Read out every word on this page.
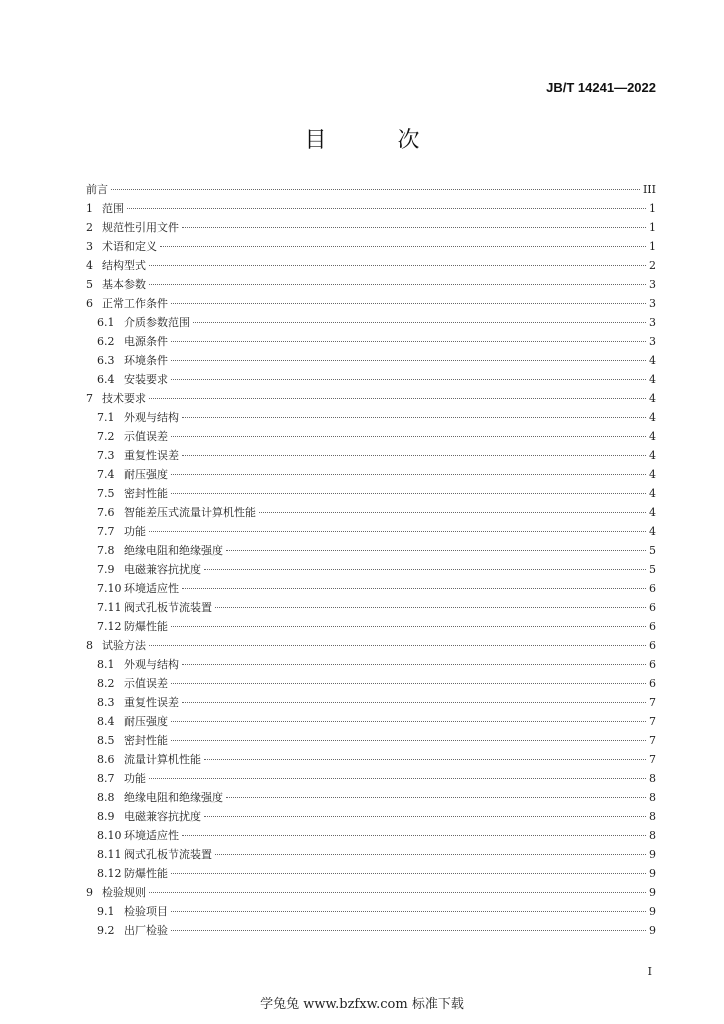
JB/T 14241—2022
目 次
前言	III
1 范围	1
2 规范性引用文件	1
3 术语和定义	1
4 结构型式	2
5 基本参数	3
6 正常工作条件	3
6.1 介质参数范围	3
6.2 电源条件	3
6.3 环境条件	4
6.4 安装要求	4
7 技术要求	4
7.1 外观与结构	4
7.2 示值误差	4
7.3 重复性误差	4
7.4 耐压强度	4
7.5 密封性能	4
7.6 智能差压式流量计算机性能	4
7.7 功能	4
7.8 绝缘电阻和绝缘强度	5
7.9 电磁兼容抗扰度	5
7.10 环境适应性	6
7.11 阀式孔板节流装置	6
7.12 防爆性能	6
8 试验方法	6
8.1 外观与结构	6
8.2 示值误差	6
8.3 重复性误差	7
8.4 耐压强度	7
8.5 密封性能	7
8.6 流量计算机性能	7
8.7 功能	8
8.8 绝缘电阻和绝缘强度	8
8.9 电磁兼容抗扰度	8
8.10 环境适应性	8
8.11 阀式孔板节流装置	9
8.12 防爆性能	9
9 检验规则	9
9.1 检验项目	9
9.2 出厂检验	9
I
学兔兔 www.bzfxw.com 标准下载
